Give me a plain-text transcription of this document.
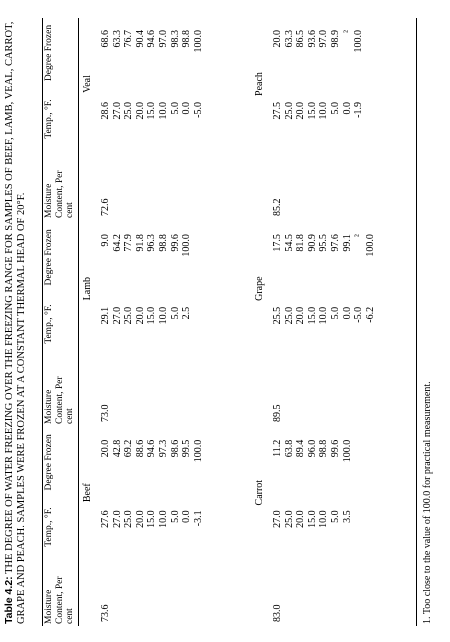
Table 4.2: THE DEGREE OF WATER FREEZING OVER THE FREEZING RANGE FOR SAMPLES OF BEEF, LAMB, VEAL, CARROT, GRAPE AND PEACH. SAMPLES WERE FROZEN AT A CONSTANT THERMAL HEAD OF 20°F.	Beef
73.6
27.6 27.0 25.0 20.0 15.0 10.0 5.0 0.0 -3.1
20.0 42.8 69.2 88.6 94.6 97.3 98.6 99.5 100.0
Lamb
73.0
29.1 27.0 25.0 20.0 15.0 10.0 5.0 2.5
9.0 64.2 77.9 91.8 96.3 98.8 99.6 100.0
Veal
72.6
28.6 27.0 25.0 20.0 15.0 10.0 5.0 0.0 -5.0
68.6 63.3 76.7 90.4 94.6 97.0 98.3 98.8 100.0
Carrot
83.0
27.0 25.0 20.0 15.0 10.0 5.0 3.5
11.2 63.8 89.4 96.0 98.8 99.6 100.0
Grape
89.5
25.5 25.0 20.0 15.0 10.0 5.0 0.0 -5.0 -6.2
17.5 54.5 81.8 90.9 95.5 97.6 99.1 ² 100.0
Peach
85.2
27.5 25.0 20.0 15.0 10.0 5.0 0.0 -1.9
20.0 63.3 86.5 93.6 97.0 98.9 ² 100.0
1. Too close to the value of 100.0 for practical measurement.
Moisture Content, Per cent
Temp., °F.
Degree Frozen
Moisture Content, Per cent
Temp., °F.
Degree Frozen
Moisture Content, Per cent
Temp., °F.
Degree Frozen
